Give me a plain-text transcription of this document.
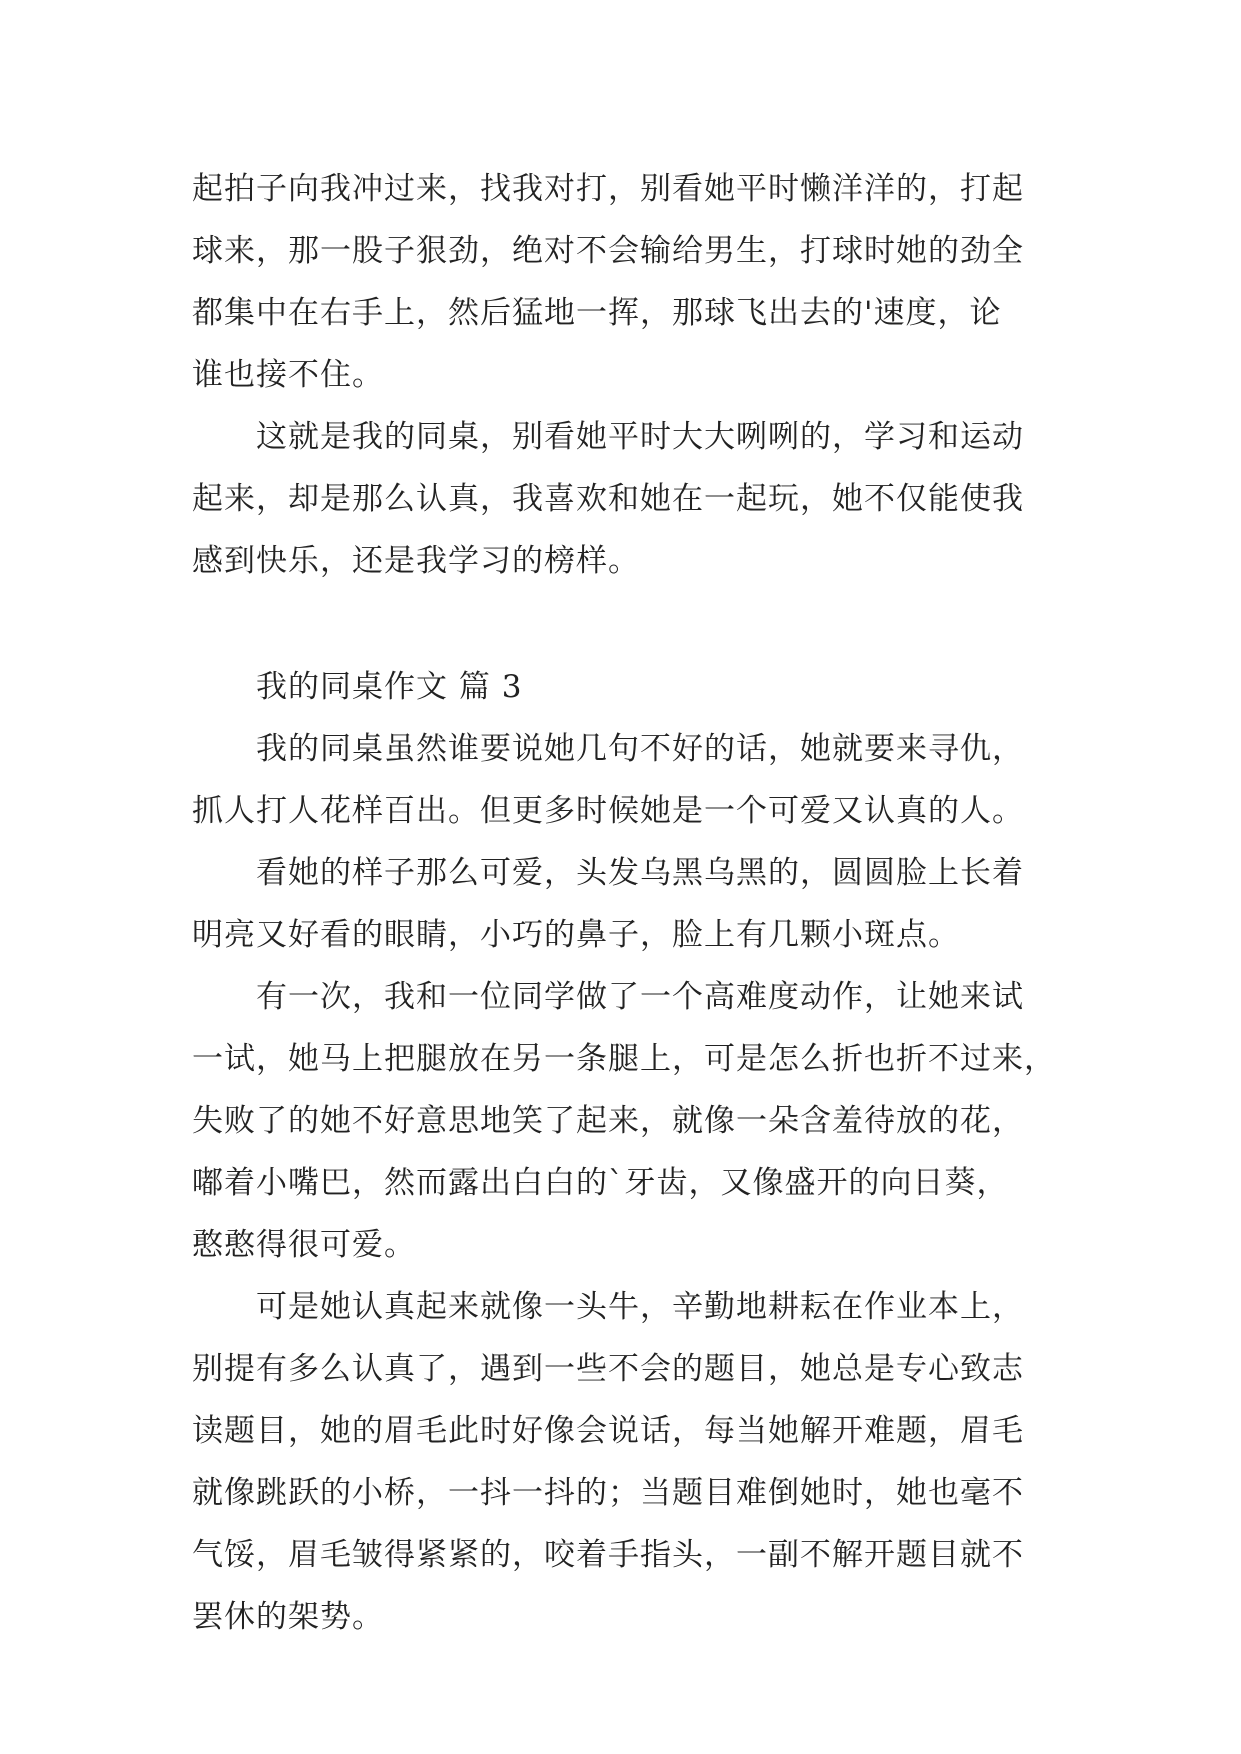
起拍子向我冲过来，找我对打，别看她平时懒洋洋的，打起
球来，那一股子狠劲，绝对不会输给男生，打球时她的劲全
都集中在右手上，然后猛地一挥，那球飞出去的'速度，论
谁也接不住。
这就是我的同桌，别看她平时大大咧咧的，学习和运动
起来，却是那么认真，我喜欢和她在一起玩，她不仅能使我
感到快乐，还是我学习的榜样。
我的同桌作文 篇 3
我的同桌虽然谁要说她几句不好的话，她就要来寻仇，
抓人打人花样百出。但更多时候她是一个可爱又认真的人。
看她的样子那么可爱，头发乌黑乌黑的，圆圆脸上长着
明亮又好看的眼睛，小巧的鼻子，脸上有几颗小斑点。
有一次，我和一位同学做了一个高难度动作，让她来试
一试，她马上把腿放在另一条腿上，可是怎么折也折不过来，
失败了的她不好意思地笑了起来，就像一朵含羞待放的花，
嘟着小嘴巴，然而露出白白的`牙齿，又像盛开的向日葵，
憨憨得很可爱。
可是她认真起来就像一头牛，辛勤地耕耘在作业本上，
别提有多么认真了，遇到一些不会的题目，她总是专心致志
读题目，她的眉毛此时好像会说话，每当她解开难题，眉毛
就像跳跃的小桥，一抖一抖的；当题目难倒她时，她也毫不
气馁，眉毛皱得紧紧的，咬着手指头，一副不解开题目就不
罢休的架势。
